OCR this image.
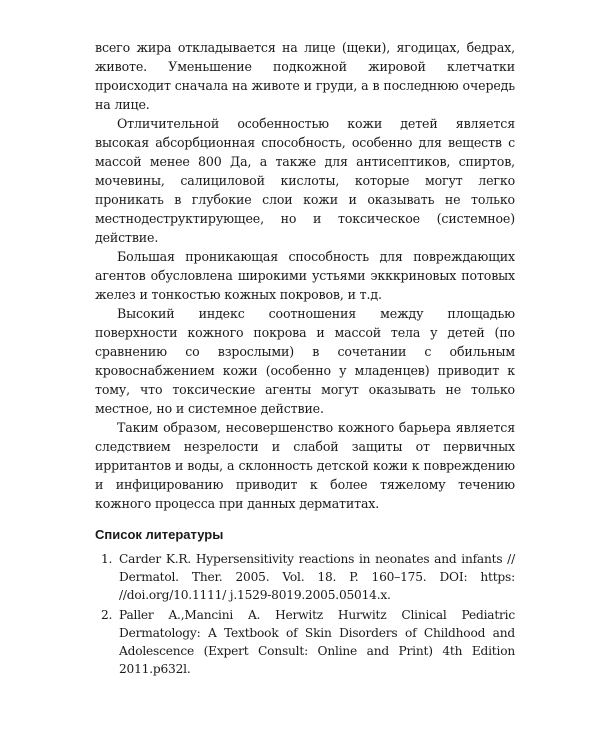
всего жира откладывается на лице (щеки), ягодицах, бедрах, животе. Уменьшение подкожной жировой клетчатки происходит сначала на животе и груди, а в последнюю очередь на лице.

Отличительной особенностью кожи детей является высокая абсорбционная способность, особенно для веществ с массой менее 800 Да, а также для антисептиков, спиртов, мочевины, салициловой кислоты, которые могут легко проникать в глубокие слои кожи и оказывать не только местнодеструктирующее, но и токсическое (системное) действие.

Большая проникающая способность для повреждающих агентов обусловлена широкими устьями экккриновых потовых желез и тонкостью кожных покровов, и т.д.

Высокий индекс соотношения между площадью поверхности кожного покрова и массой тела у детей (по сравнению со взрослыми) в сочетании с обильным кровоснабжением кожи (особенно у младенцев) приводит к тому, что токсические агенты могут оказывать не только местное, но и системное действие.

Таким образом, несовершенство кожного барьера является следствием незрелости и слабой защиты от первичных ирритантов и воды, а склонность детской кожи к повреждению и инфицированию приводит к более тяжелому течению кожного процесса при данных дерматитах.

Список литературы
1. Carder K.R. Hypersensitivity reactions in neonates and infants // Dermatol. Ther. 2005. Vol. 18. P. 160–175. DOI: https: //doi.org/10.1111/ j.1529-8019.2005.05014.x.
2. Paller A.,Mancini A. Herwitz Hurwitz Clinical Pediatric Dermatology: A Textbook of Skin Disorders of Childhood and Adolescence (Expert Consult: Online and Print) 4th Edition 2011.p632l.
